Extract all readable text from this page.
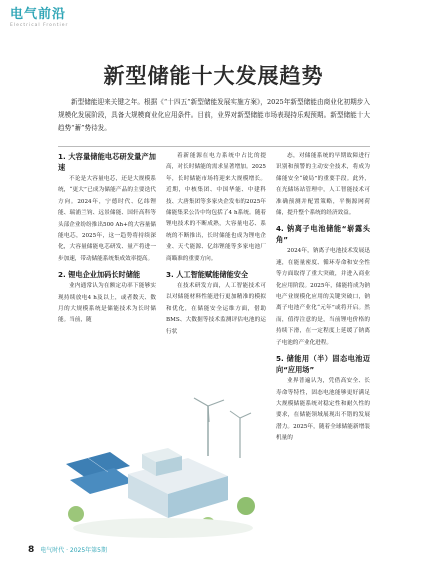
电气前沿
Electrical Frontier
新型储能十大发展趋势
新型储能迎来关键之年。根据《“十四五”新型储能发展实施方案》，2025年新型储能由商业化初期步入规模化发展阶段，具备大规模商业化应用条件。目前，业界对新型储能市场表现持乐观预期。新型储能十大趋势“蓄”势待发。
1. 大容量储能电芯研发量产加速

不论是大容量电芯，还是大规模系统，“更大”已成为储能产品的主要迭代方向。2024年，宁德时代、亿纬锂能、瑞浦兰钧、远景储能、国轩高科等头部企业纷纷推出500 Ah+的大容量储能电芯，2025年，这一趋势将持续深化，大容量储能电芯研发、量产将进一步加速，带动储能系统集成效率提高。

2. 锂电企业加码长时储能

业内通常认为在额定功率下能够实现持续放电4 h及以上，或者数天、数月的大规模系统是储能技术为长时储能。当前，随

着新能源在电力系统中占比的提高，对长时储能的需求显著增加。2025年，长时储能市场将迎来大规模增长。近期，中核集团、中国华能、中建科技、大唐集团等多家央企发布的2025年储能集采公告中均包括了4 h系统。随着锂电技术的不断成熟，大容量电芯、系统的不断推出，长时储能也成为锂电企业、天弋能源、亿纬锂能等多家电池厂商瞄准的重要方向。

3. 人工智能赋能储能安全

在技术研发方面，人工智能技术可以对储能材料性能进行更加精准的模拟和优化，在储能安全运维方面，借助BMS、大数据等技术监测评估电池的运行状

态，对储能系统的早期故障进行识别和预警的主动安全技术，将成为储能安全“破局”的重要手段。此外，在光储场站管理中，人工智能技术可准确预测并配置策略，平衡源网荷储，提升整个系统的经济效益。

4. 钠离子电池储能“崭露头角”

2024年，钠离子电池技术发展迅速，在能量密度、循环寿命和安全性等方面取得了重大突破，并进入商业化应用阶段。2025年，储能将成为钠电产业规模化应用的关键突破口，钠离子电池产业化“元年”或将开启。然而，值得注意的是，当前锂电价格的持续下滑，在一定程度上延缓了钠离子电池的产业化进程。

5. 储能用（半）固态电池迈向“应用场”

业界普遍认为，凭借高安全、长寿命等特性，固态电池能够更好满足大规模储能系统对稳定性和耐久性的要求，在储能领域展现出不错的发展潜力。2025年，随着全球储能新增装机量的

8 电气时代 · 2025年第5期
